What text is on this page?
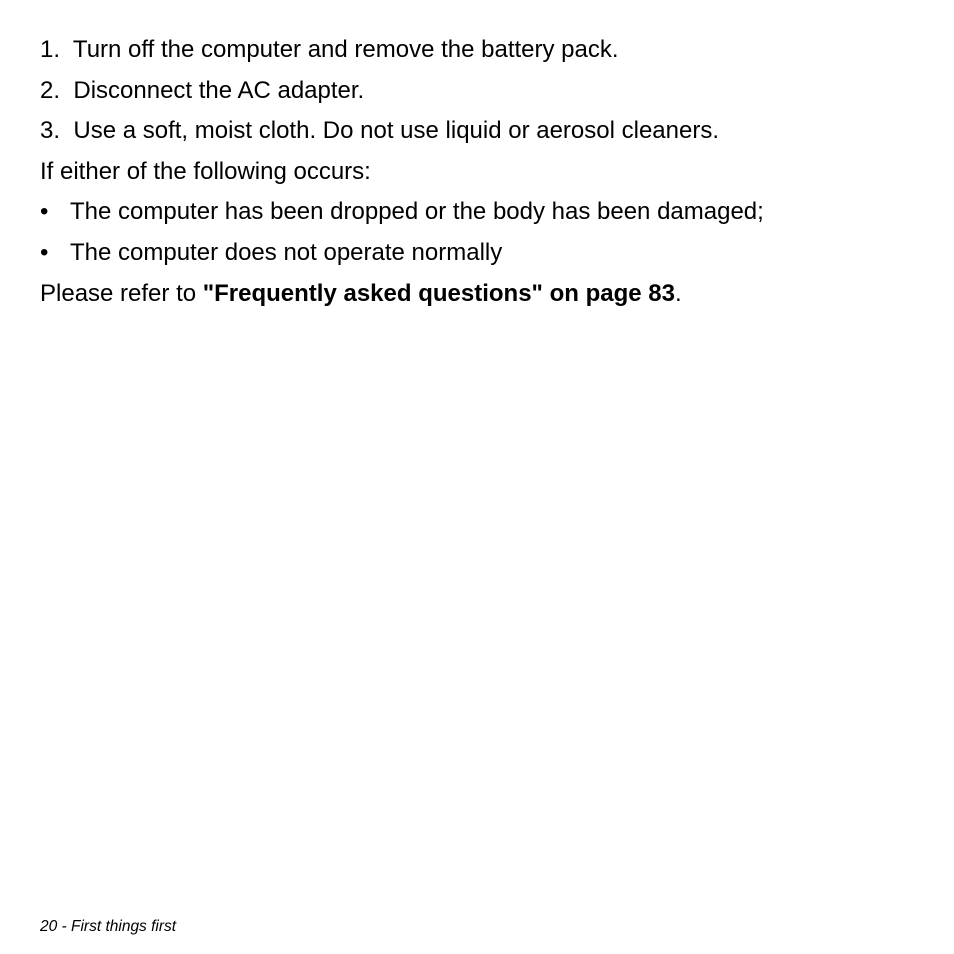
1.  Turn off the computer and remove the battery pack.
2.  Disconnect the AC adapter.
3.  Use a soft, moist cloth. Do not use liquid or aerosol cleaners.
If either of the following occurs:
• The computer has been dropped or the body has been damaged;
• The computer does not operate normally
Please refer to "Frequently asked questions" on page 83.
20 - First things first
